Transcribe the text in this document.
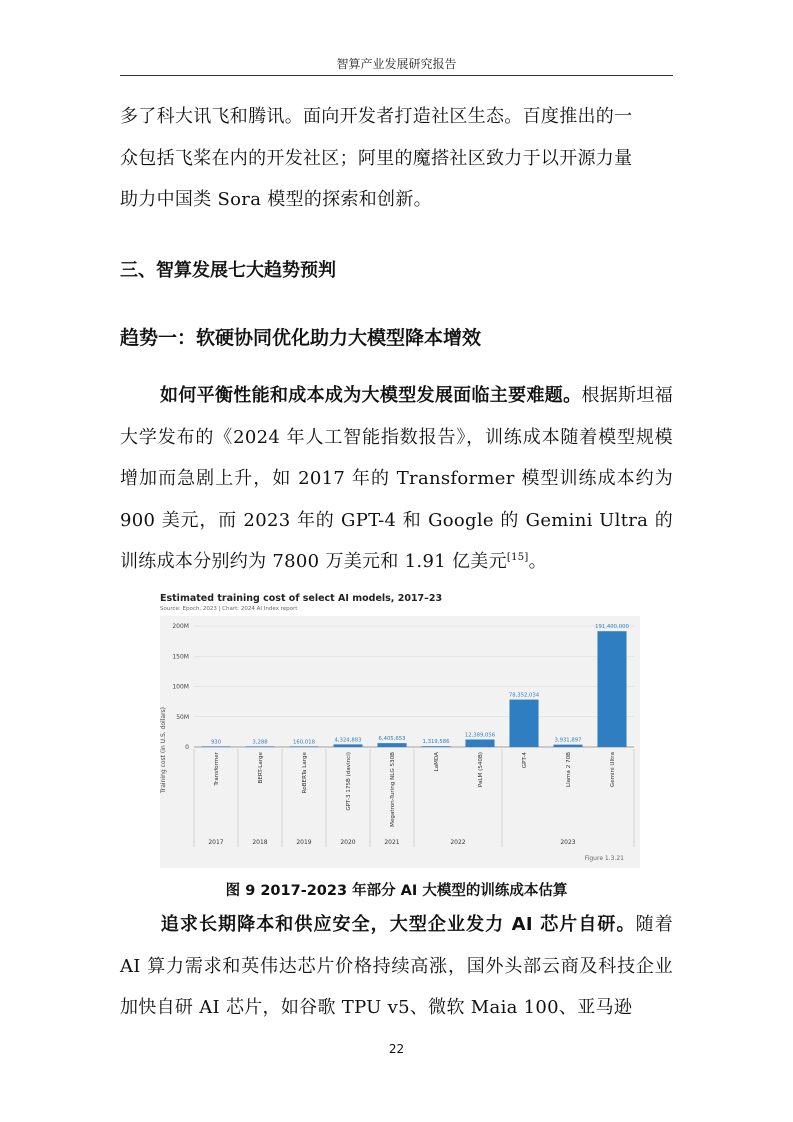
智算产业发展研究报告
多了科大讯飞和腾讯。面向开发者打造社区生态。百度推出的一
众包括飞桨在内的开发社区；阿里的魔搭社区致力于以开源力量
助力中国类 Sora 模型的探索和创新。
三、智算发展七大趋势预判
趋势一：软硬协同优化助力大模型降本增效
如何平衡性能和成本成为大模型发展面临主要难题。根据斯坦福大学发布的《2024 年人工智能指数报告》，训练成本随着模型规模增加而急剧上升，如 2017 年的 Transformer 模型训练成本约为 900 美元，而 2023 年的 GPT-4 和 Google 的 Gemini Ultra 的训练成本分别约为 7800 万美元和 1.91 亿美元[15]。
Estimated training cost of select AI models, 2017–23
Source: Epoch, 2023 | Chart: 2024 AI Index report
0
50M
100M
150M
200M
930	3,288	160,018	4,324,883	6,405,653
1,319,586
12,389,056
78,352,034
3,931,897
191,400,000
Transformer	BERT-Large	RoBERTa Large	GPT-3 175B (davinci)	Megatron-Turing NLG 530B	LaMDA	PaLM (540B)	GPT-4	Llama 2 70B	Gemini Ultra
2017	2018	2019	2020	2021	2022	2023
Training cost (in U.S. dollars)
Figure 1.3.21
图 9 2017-2023 年部分 AI 大模型的训练成本估算
追求长期降本和供应安全，大型企业发力 AI 芯片自研。随着 AI 算力需求和英伟达芯片价格持续高涨，国外头部云商及科技企业加快自研 AI 芯片，如谷歌 TPU v5、微软 Maia 100、亚马逊
22
